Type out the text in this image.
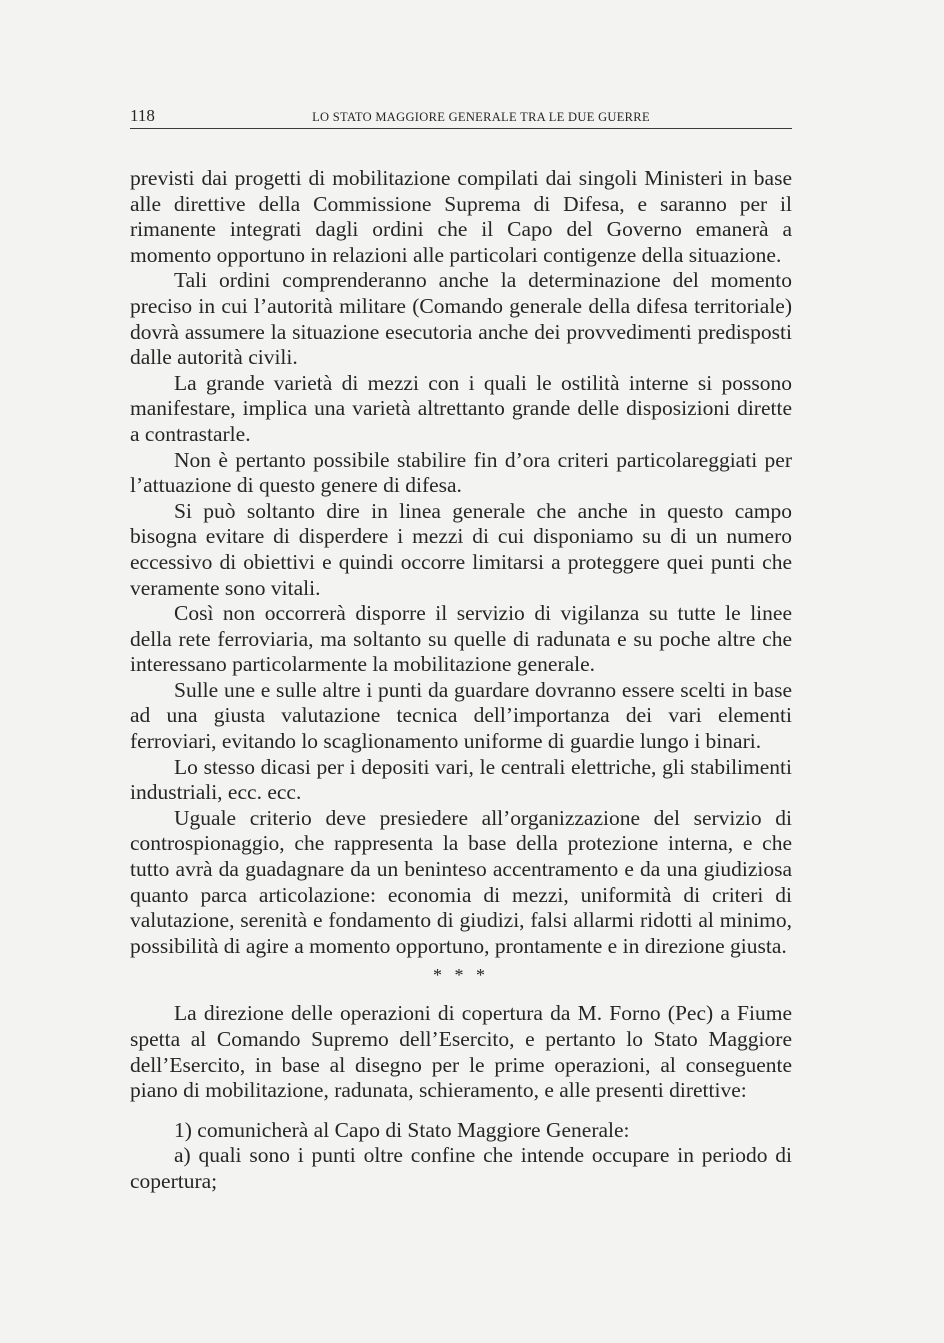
118	LO STATO MAGGIORE GENERALE TRA LE DUE GUERRE

previsti dai progetti di mobilitazione compilati dai singoli Ministeri in base alle direttive della Commissione Suprema di Difesa, e saranno per il rimanente integrati dagli ordini che il Capo del Governo emanerà a momento opportuno in relazioni alle particolari contigenze della situazione.

Tali ordini comprenderanno anche la determinazione del momento preciso in cui l’autorità militare (Comando generale della difesa territoriale) dovrà assumere la situazione esecutoria anche dei provvedimenti predisposti dalle autorità civili.

La grande varietà di mezzi con i quali le ostilità interne si possono manifestare, implica una varietà altrettanto grande delle disposizioni dirette a contrastarle.

Non è pertanto possibile stabilire fin d’ora criteri particolareggiati per l’attuazione di questo genere di difesa.

Si può soltanto dire in linea generale che anche in questo campo bisogna evitare di disperdere i mezzi di cui disponiamo su di un numero eccessivo di obiettivi e quindi occorre limitarsi a proteggere quei punti che veramente sono vitali.

Così non occorrerà disporre il servizio di vigilanza su tutte le linee della rete ferroviaria, ma soltanto su quelle di radunata e su poche altre che interessano particolarmente la mobilitazione generale.

Sulle une e sulle altre i punti da guardare dovranno essere scelti in base ad una giusta valutazione tecnica dell’importanza dei vari elementi ferroviari, evitando lo scaglionamento uniforme di guardie lungo i binari.

Lo stesso dicasi per i depositi vari, le centrali elettriche, gli stabilimenti industriali, ecc. ecc.

Uguale criterio deve presiedere all’organizzazione del servizio di controspionaggio, che rappresenta la base della protezione interna, e che tutto avrà da guadagnare da un beninteso accentramento e da una giudiziosa quanto parca articolazione: economia di mezzi, uniformità di criteri di valutazione, serenità e fondamento di giudizi, falsi allarmi ridotti al minimo, possibilità di agire a momento opportuno, prontamente e in direzione giusta.

* * *

La direzione delle operazioni di copertura da M. Forno (Pec) a Fiume spetta al Comando Supremo dell’Esercito, e pertanto lo Stato Maggiore dell’Esercito, in base al disegno per le prime operazioni, al conseguente piano di mobilitazione, radunata, schieramento, e alle presenti direttive:

1) comunicherà al Capo di Stato Maggiore Generale:

a) quali sono i punti oltre confine che intende occupare in periodo di copertura;
